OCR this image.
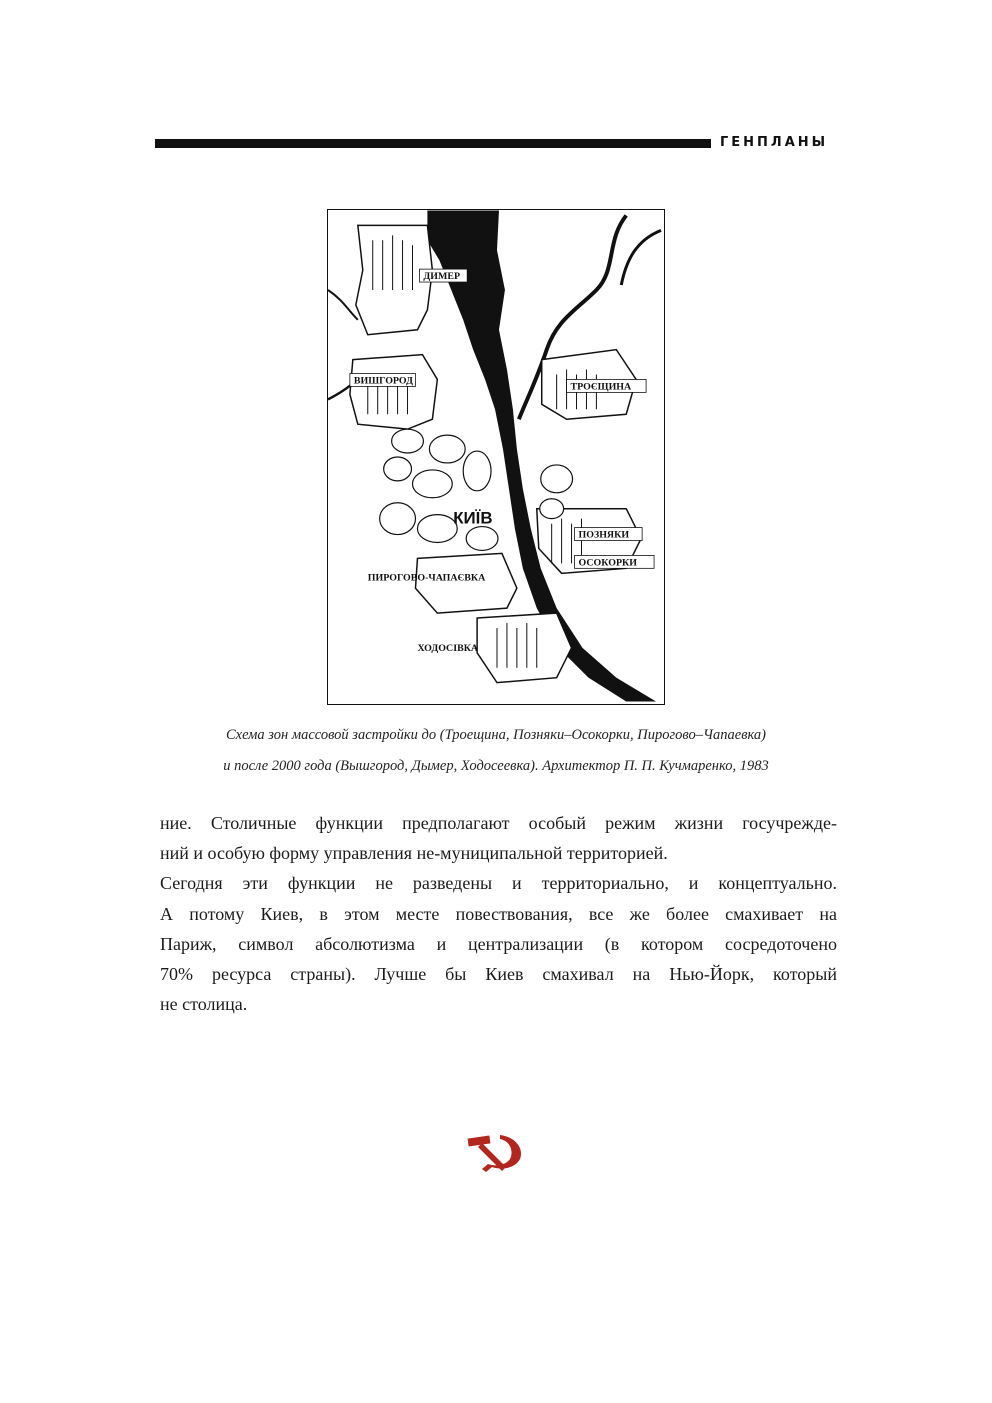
ГЕНПЛАНЫ
ДИМЕР
ВИШГОРОД
ТРОЄЩИНА
КИЇВ
ПОЗНЯКИ
ОСОКОРКИ
ПИРОГОВО-ЧАПАЄВКА
ХОДОСІВКА

Схема зон массовой застройки до (Троещина, Позняки–Осокорки, Пирогово–Чапаевка)

и после 2000 года (Вышгород, Дымер, Ходосеевка). Архитектор П. П. Кучмаренко, 1983

ние. Столичные функции предполагают особый режим жизни госучрежде-

ний и особую форму управления не-муниципальной территорией.

Сегодня эти функции не разведены и территориально, и концептуально.

А потому Киев, в этом месте повествования, все же более смахивает на

Париж, символ абсолютизма и централизации (в котором сосредоточено

70% ресурса страны). Лучше бы Киев смахивал на Нью-Йорк, который

не столица.
